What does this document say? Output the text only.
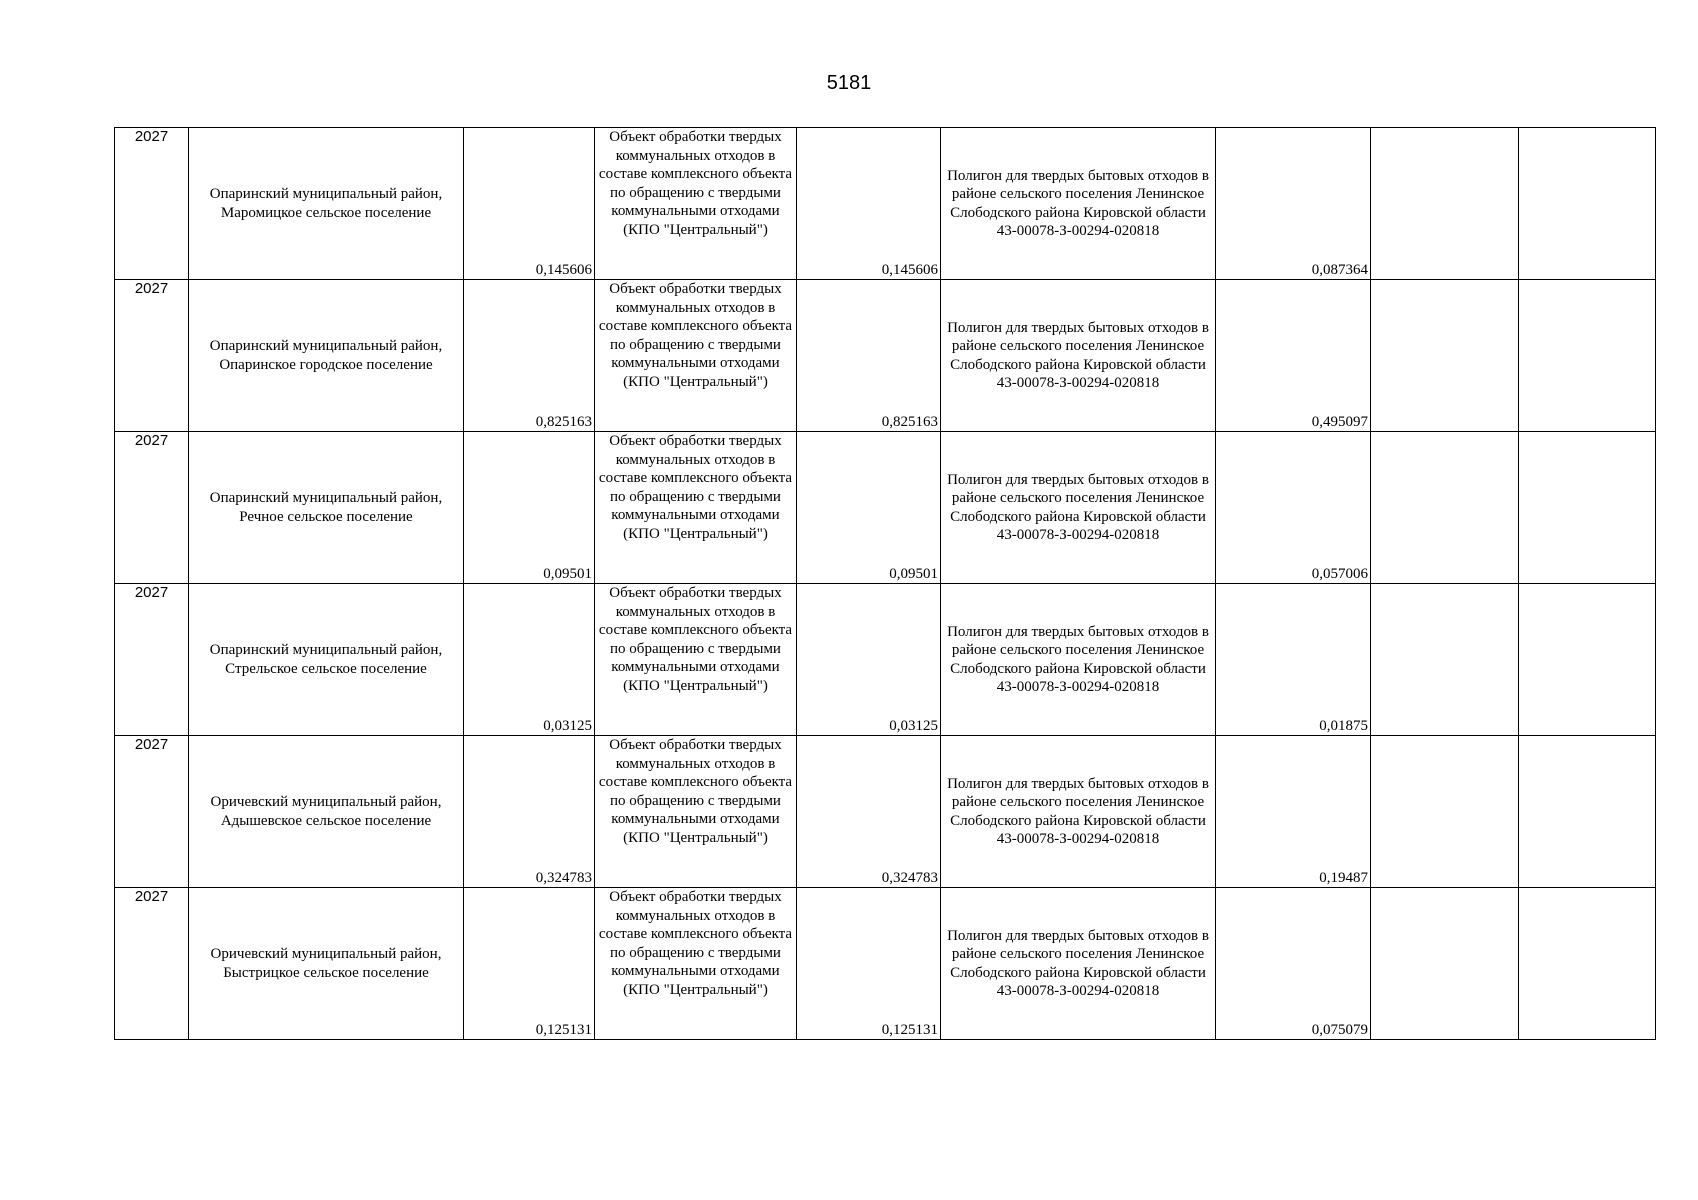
5181
2027	Опаринский муниципальный район, Маромицкое сельское поселение	0,145606	Объект обработки твердых коммунальных отходов в составе комплексного объекта по обращению с твердыми коммунальными отходами (КПО "Центральный")	0,145606	Полигон для твердых бытовых отходов в районе сельского поселения Ленинское Слободского района Кировской области 43-00078-З-00294-020818	0,087364		
2027	Опаринский муниципальный район, Опаринское городское поселение	0,825163	Объект обработки твердых коммунальных отходов в составе комплексного объекта по обращению с твердыми коммунальными отходами (КПО "Центральный")	0,825163	Полигон для твердых бытовых отходов в районе сельского поселения Ленинское Слободского района Кировской области 43-00078-З-00294-020818	0,495097		
2027	Опаринский муниципальный район, Речное сельское поселение	0,09501	Объект обработки твердых коммунальных отходов в составе комплексного объекта по обращению с твердыми коммунальными отходами (КПО "Центральный")	0,09501	Полигон для твердых бытовых отходов в районе сельского поселения Ленинское Слободского района Кировской области 43-00078-З-00294-020818	0,057006		
2027	Опаринский муниципальный район, Стрельское сельское поселение	0,03125	Объект обработки твердых коммунальных отходов в составе комплексного объекта по обращению с твердыми коммунальными отходами (КПО "Центральный")	0,03125	Полигон для твердых бытовых отходов в районе сельского поселения Ленинское Слободского района Кировской области 43-00078-З-00294-020818	0,01875		
2027	Оричевский муниципальный район, Адышевское сельское поселение	0,324783	Объект обработки твердых коммунальных отходов в составе комплексного объекта по обращению с твердыми коммунальными отходами (КПО "Центральный")	0,324783	Полигон для твердых бытовых отходов в районе сельского поселения Ленинское Слободского района Кировской области 43-00078-З-00294-020818	0,19487		
2027	Оричевский муниципальный район, Быстрицкое сельское поселение	0,125131	Объект обработки твердых коммунальных отходов в составе комплексного объекта по обращению с твердыми коммунальными отходами (КПО "Центральный")	0,125131	Полигон для твердых бытовых отходов в районе сельского поселения Ленинское Слободского района Кировской области 43-00078-З-00294-020818	0,075079		
